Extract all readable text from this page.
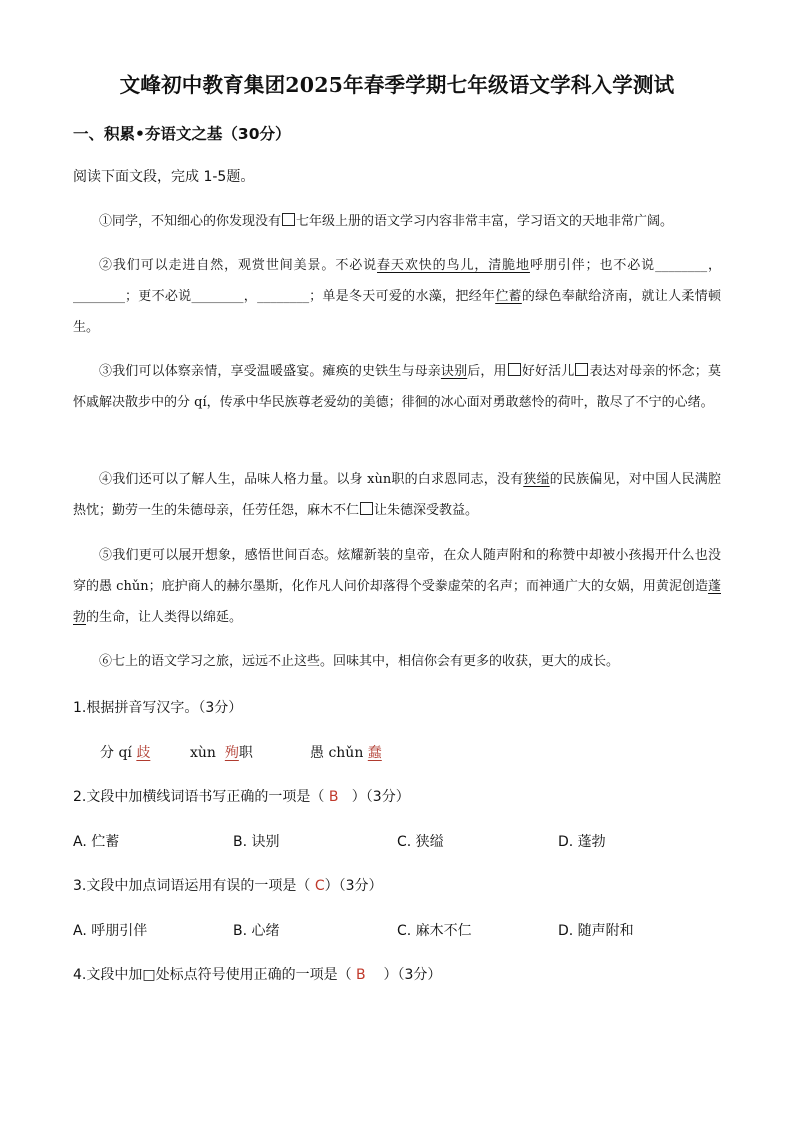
文峰初中教育集团2025年春季学期七年级语文学科入学测试
一、积累•夯语文之基（30分）
阅读下面文段，完成 1-5题。
①同学，不知细心的你发现没有 七年级上册的语文学习内容非常丰富，学习语文的天地非常广阔。
②我们可以走进自然，观赏世间美景。不必说春天欢快的鸟儿，清脆地呼朋引伴；也不必说________，________；更不必说________，________；单是冬天可爱的水藻，把经年伫蓄的绿色奉献给济南，就让人柔情顿生。
③我们可以体察亲情，享受温暖盛宴。瘫痪的史铁生与母亲诀别后，用 好好活儿 表达对母亲的怀念；莫怀戚解决散步中的分 qí，传承中华民族尊老爱幼的美德；徘徊的冰心面对勇敢慈怜的荷叶，散尽了不宁的心绪。
④我们还可以了解人生，品味人格力量。以身 xùn职的白求恩同志，没有狭缢的民族偏见，对中国人民满腔热忱；勤劳一生的朱德母亲，任劳任怨，麻木不仁 让朱德深受教益。
⑤我们更可以展开想象，感悟世间百态。炫耀新装的皇帝，在众人随声附和的称赞中却被小孩揭开什么也没穿的愚 chǔn；庇护商人的赫尔墨斯，化作凡人问价却落得个受豢虚荣的名声；而神通广大的女娲，用黄泥创造蓬勃的生命，让人类得以绵延。
⑥七上的语文学习之旅，远远不止这些。回味其中，相信你会有更多的收获，更大的成长。
1.根据拼音写汉字。（3分）
分 qí 歧	xùn 殉职	愚 chǔn 蠢
2.文段中加横线词语书写正确的一项是（ B ）（3分）
A. 伫蓄	B. 诀别	C. 狭缢	D. 蓬勃
3.文段中加点词语运用有误的一项是（ C）（3分）
A. 呼朋引伴	B. 心绪	C. 麻木不仁	D. 随声附和
4.文段中加□处标点符号使用正确的一项是（ B ）（3分）
